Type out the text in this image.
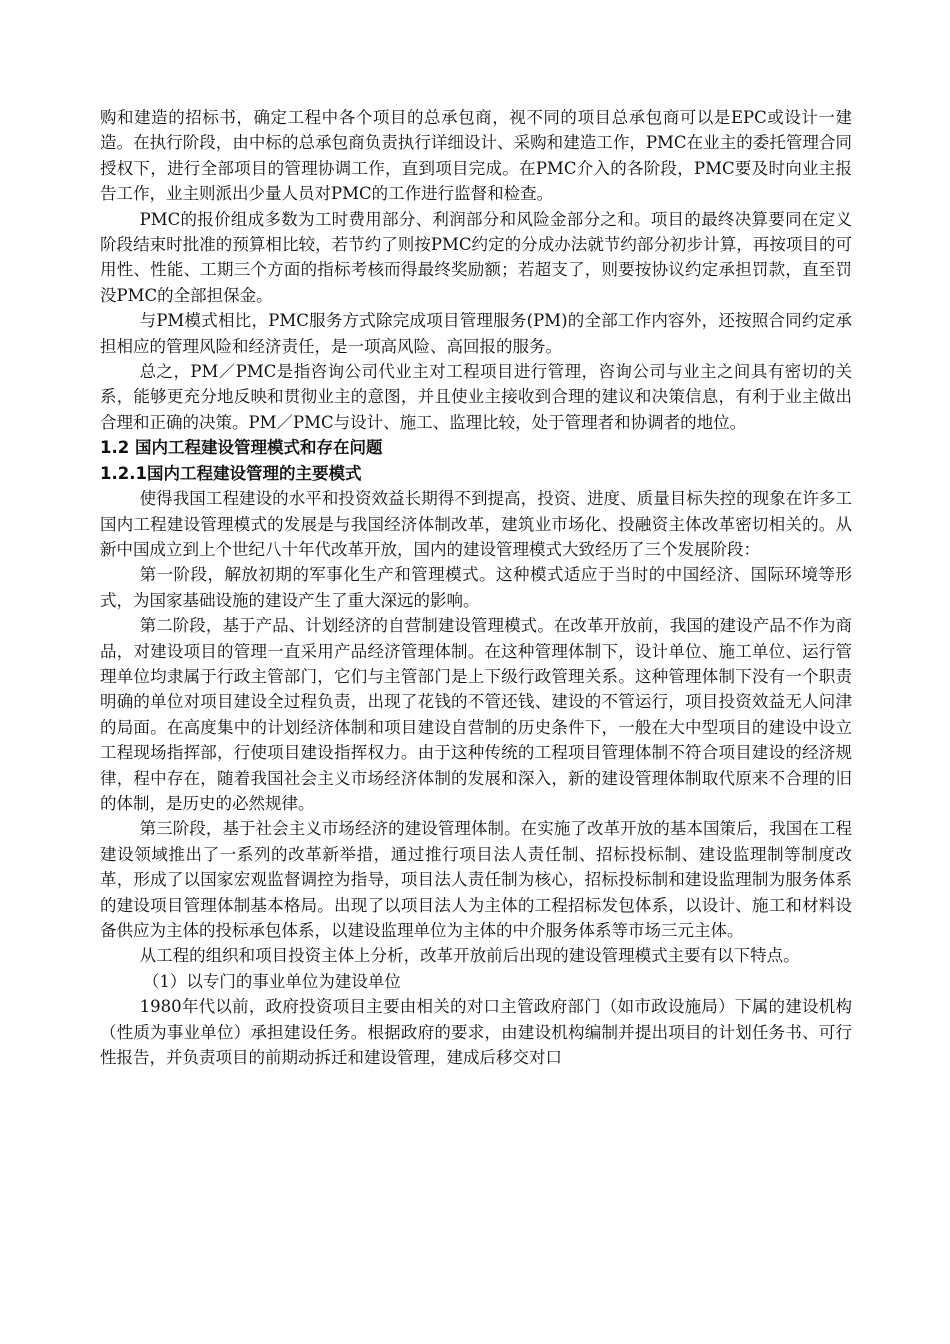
购和建造的招标书，确定工程中各个项目的总承包商，视不同的项目总承包商可以是EPC或设计一建造。在执行阶段，由中标的总承包商负责执行详细设计、采购和建造工作，PMC在业主的委托管理合同授权下，进行全部项目的管理协调工作，直到项目完成。在PMC介入的各阶段，PMC要及时向业主报告工作，业主则派出少量人员对PMC的工作进行监督和检查。

PMC的报价组成多数为工时费用部分、利润部分和风险金部分之和。项目的最终决算要同在定义阶段结束时批准的预算相比较，若节约了则按PMC约定的分成办法就节约部分初步计算，再按项目的可用性、性能、工期三个方面的指标考核而得最终奖励额；若超支了，则要按协议约定承担罚款，直至罚没PMC的全部担保金。

与PM模式相比，PMC服务方式除完成项目管理服务(PM)的全部工作内容外，还按照合同约定承担相应的管理风险和经济责任，是一项高风险、高回报的服务。

总之，PM／PMC是指咨询公司代业主对工程项目进行管理，咨询公司与业主之间具有密切的关系，能够更充分地反映和贯彻业主的意图，并且使业主接收到合理的建议和决策信息，有利于业主做出合理和正确的决策。PM／PMC与设计、施工、监理比较，处于管理者和协调者的地位。

1.2 国内工程建设管理模式和存在问题

1.2.1国内工程建设管理的主要模式

使得我国工程建设的水平和投资效益长期得不到提高，投资、进度、质量目标失控的现象在许多工国内工程建设管理模式的发展是与我国经济体制改革，建筑业市场化、投融资主体改革密切相关的。从新中国成立到上个世纪八十年代改革开放，国内的建设管理模式大致经历了三个发展阶段：

第一阶段，解放初期的军事化生产和管理模式。这种模式适应于当时的中国经济、国际环境等形式，为国家基础设施的建设产生了重大深远的影响。

第二阶段，基于产品、计划经济的自营制建设管理模式。在改革开放前，我国的建设产品不作为商品，对建设项目的管理一直采用产品经济管理体制。在这种管理体制下，设计单位、施工单位、运行管理单位均隶属于行政主管部门，它们与主管部门是上下级行政管理关系。这种管理体制下没有一个职责明确的单位对项目建设全过程负责，出现了花钱的不管还钱、建设的不管运行，项目投资效益无人问津的局面。在高度集中的计划经济体制和项目建设自营制的历史条件下，一般在大中型项目的建设中设立工程现场指挥部，行使项目建设指挥权力。由于这种传统的工程项目管理体制不符合项目建设的经济规律，程中存在，随着我国社会主义市场经济体制的发展和深入，新的建设管理体制取代原来不合理的旧的体制，是历史的必然规律。

第三阶段，基于社会主义市场经济的建设管理体制。在实施了改革开放的基本国策后，我国在工程建设领域推出了一系列的改革新举措，通过推行项目法人责任制、招标投标制、建设监理制等制度改革，形成了以国家宏观监督调控为指导，项目法人责任制为核心，招标投标制和建设监理制为服务体系的建设项目管理体制基本格局。出现了以项目法人为主体的工程招标发包体系，以设计、施工和材料设备供应为主体的投标承包体系，以建设监理单位为主体的中介服务体系等市场三元主体。

从工程的组织和项目投资主体上分析，改革开放前后出现的建设管理模式主要有以下特点。

（1）以专门的事业单位为建设单位

1980年代以前，政府投资项目主要由相关的对口主管政府部门（如市政设施局）下属的建设机构（性质为事业单位）承担建设任务。根据政府的要求，由建设机构编制并提出项目的计划任务书、可行性报告，并负责项目的前期动拆迁和建设管理，建成后移交对口
